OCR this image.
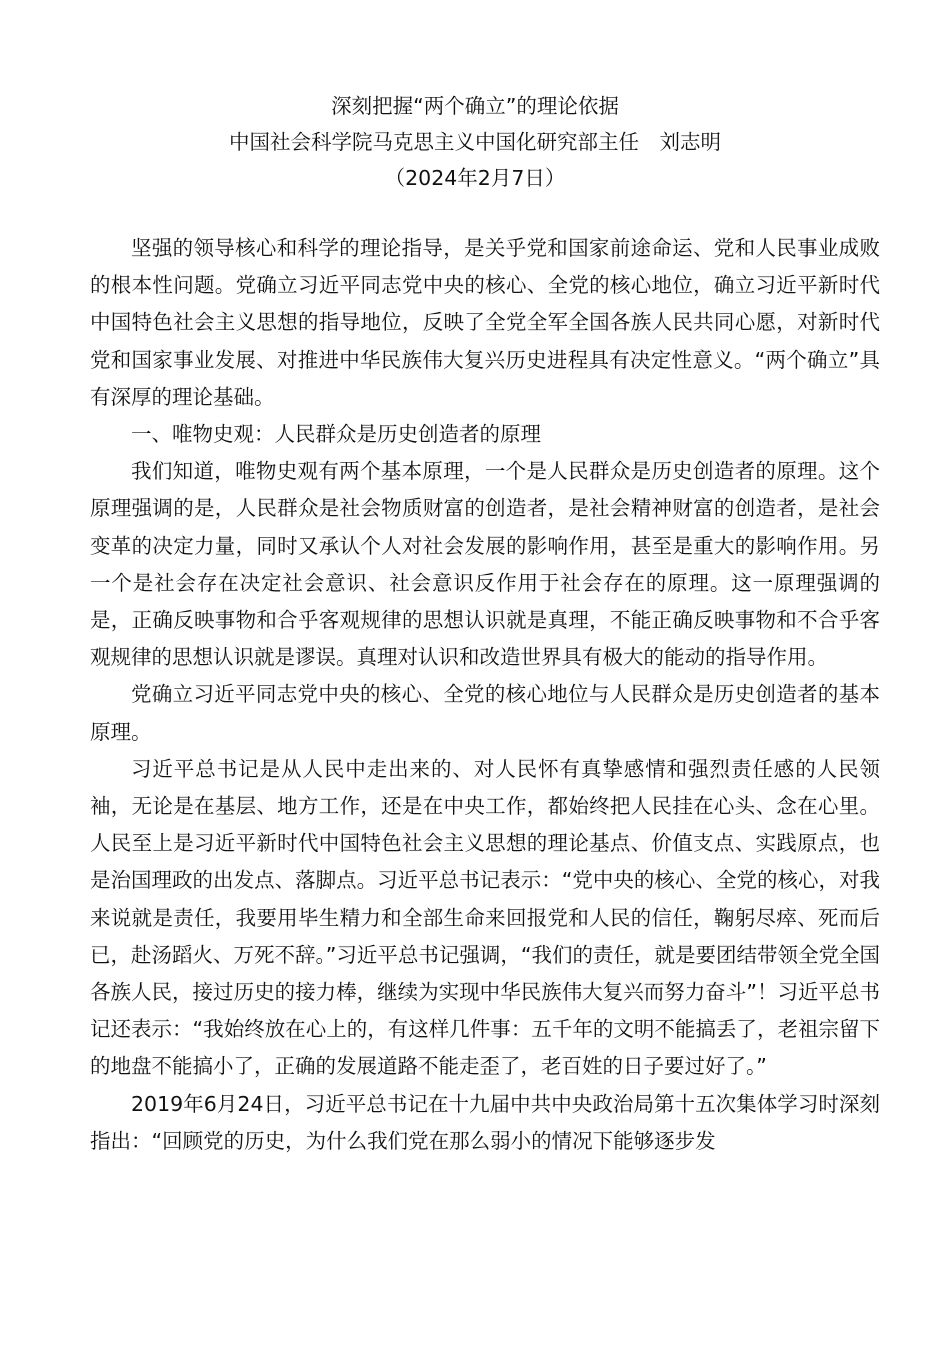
深刻把握“两个确立”的理论依据
中国社会科学院马克思主义中国化研究部主任　刘志明
（2024年2月7日）

坚强的领导核心和科学的理论指导，是关乎党和国家前途命运、党和人民事业成败的根本性问题。党确立习近平同志党中央的核心、全党的核心地位，确立习近平新时代中国特色社会主义思想的指导地位，反映了全党全军全国各族人民共同心愿，对新时代党和国家事业发展、对推进中华民族伟大复兴历史进程具有决定性意义。“两个确立”具有深厚的理论基础。

一、唯物史观：人民群众是历史创造者的原理

我们知道，唯物史观有两个基本原理，一个是人民群众是历史创造者的原理。这个原理强调的是，人民群众是社会物质财富的创造者，是社会精神财富的创造者，是社会变革的决定力量，同时又承认个人对社会发展的影响作用，甚至是重大的影响作用。另一个是社会存在决定社会意识、社会意识反作用于社会存在的原理。这一原理强调的是，正确反映事物和合乎客观规律的思想认识就是真理，不能正确反映事物和不合乎客观规律的思想认识就是谬误。真理对认识和改造世界具有极大的能动的指导作用。

党确立习近平同志党中央的核心、全党的核心地位与人民群众是历史创造者的基本原理。

习近平总书记是从人民中走出来的、对人民怀有真挚感情和强烈责任感的人民领袖，无论是在基层、地方工作，还是在中央工作，都始终把人民挂在心头、念在心里。人民至上是习近平新时代中国特色社会主义思想的理论基点、价值支点、实践原点，也是治国理政的出发点、落脚点。习近平总书记表示：“党中央的核心、全党的核心，对我来说就是责任，我要用毕生精力和全部生命来回报党和人民的信任，鞠躬尽瘁、死而后已，赴汤蹈火、万死不辞。”习近平总书记强调，“我们的责任，就是要团结带领全党全国各族人民，接过历史的接力棒，继续为实现中华民族伟大复兴而努力奋斗”！习近平总书记还表示：“我始终放在心上的，有这样几件事：五千年的文明不能搞丢了，老祖宗留下的地盘不能搞小了，正确的发展道路不能走歪了，老百姓的日子要过好了。”

2019年6月24日，习近平总书记在十九届中共中央政治局第十五次集体学习时深刻指出：“回顾党的历史，为什么我们党在那么弱小的情况下能够逐步发
